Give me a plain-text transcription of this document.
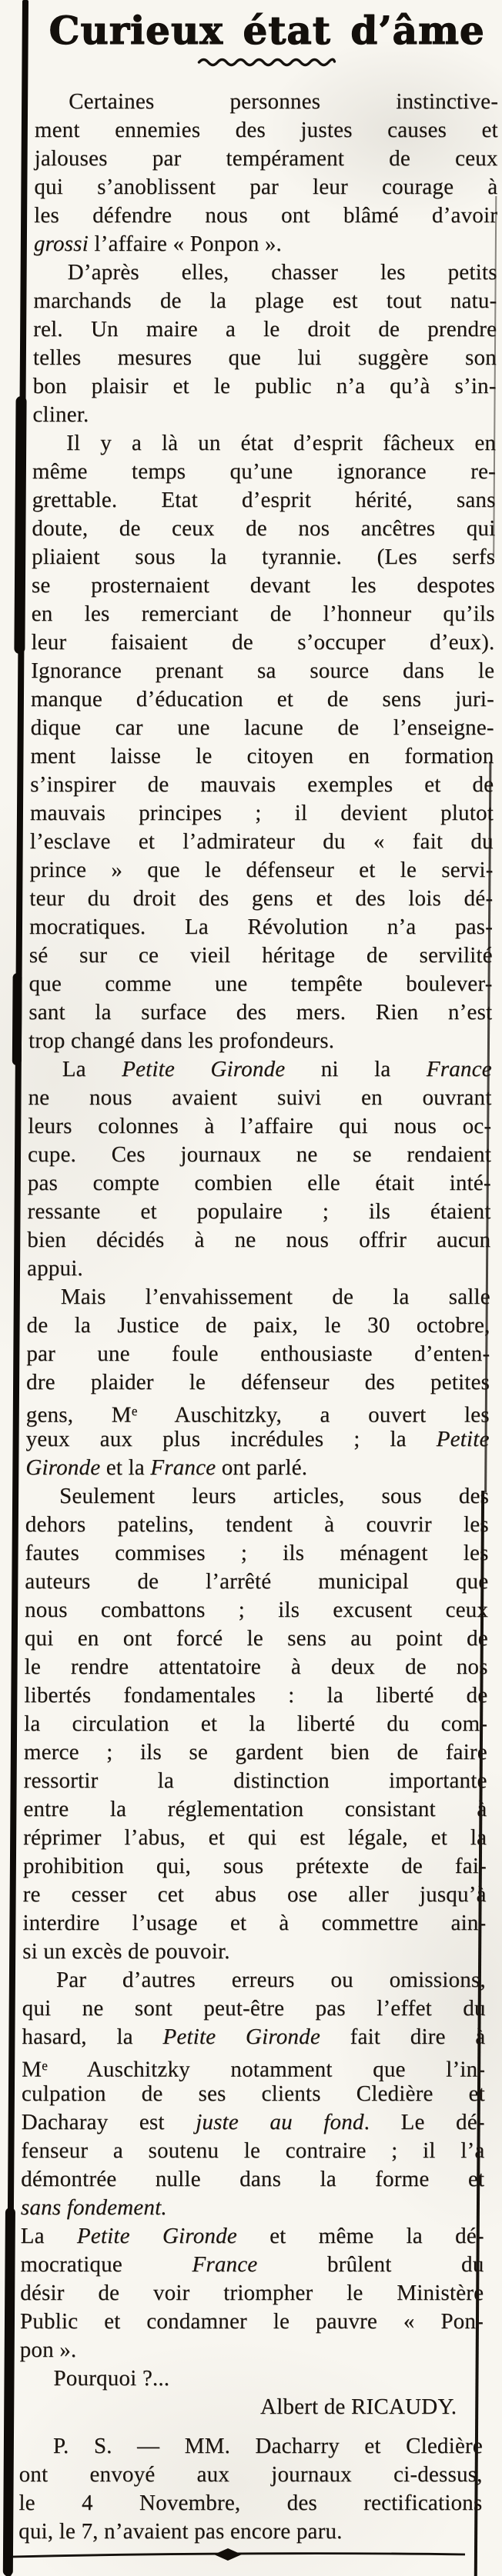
Curieux état d’âme
Certaines personnes instinctive-
ment ennemies des justes causes et
jalouses par tempérament de ceux
qui s’anoblissent par leur courage à
les défendre nous ont blâmé d’avoir
grossi l’affaire « Ponpon ».
D’après elles, chasser les petits
marchands de la plage est tout natu-
rel. Un maire a le droit de prendre
telles mesures que lui suggère son
bon plaisir et le public n’a qu’à s’in-
cliner.
Il y a là un état d’esprit fâcheux en
même temps qu’une ignorance re-
grettable. Etat d’esprit hérité, sans
doute, de ceux de nos ancêtres qui
pliaient sous la tyrannie. (Les serfs
se prosternaient devant les despotes
en les remerciant de l’honneur qu’ils
leur faisaient de s’occuper d’eux).
Ignorance prenant sa source dans le
manque d’éducation et de sens juri-
dique car une lacune de l’enseigne-
ment laisse le citoyen en formation
s’inspirer de mauvais exemples et de
mauvais principes ; il devient plutot
l’esclave et l’admirateur du « fait du
prince » que le défenseur et le servi-
teur du droit des gens et des lois dé-
mocratiques. La Révolution n’a pas-
sé sur ce vieil héritage de servilité
que comme une tempête boulever-
sant la surface des mers. Rien n’est
trop changé dans les profondeurs.
La Petite Gironde ni la France
ne nous avaient suivi en ouvrant
leurs colonnes à l’affaire qui nous oc-
cupe. Ces journaux ne se rendaient
pas compte combien elle était inté-
ressante et populaire ; ils étaient
bien décidés à ne nous offrir aucun
appui.
Mais l’envahissement de la salle
de la Justice de paix, le 30 octobre,
par une foule enthousiaste d’enten-
dre plaider le défenseur des petites
gens, Me Auschitzky, a ouvert les
yeux aux plus incrédules ; la Petite
Gironde et la France ont parlé.
Seulement leurs articles, sous des
dehors patelins, tendent à couvrir les
fautes commises ; ils ménagent les
auteurs de l’arrêté municipal que
nous combattons ; ils excusent ceux
qui en ont forcé le sens au point de
le rendre attentatoire à deux de nos
libertés fondamentales : la liberté de
la circulation et la liberté du com-
merce ; ils se gardent bien de faire
ressortir la distinction importante
entre la réglementation consistant à
réprimer l’abus, et qui est légale, et la
prohibition qui, sous prétexte de fai-
re cesser cet abus ose aller jusqu’à
interdire l’usage et à commettre ain-
si un excès de pouvoir.
Par d’autres erreurs ou omissions,
qui ne sont peut-être pas l’effet du
hasard, la Petite Gironde fait dire à
Me Auschitzky notamment que l’in-
culpation de ses clients Cledière et
Dacharay est juste au fond. Le dé-
fenseur a soutenu le contraire ; il l’a
démontrée nulle dans la forme et
sans fondement.
La Petite Gironde et même la dé-
mocratique France brûlent du
désir de voir triompher le Ministère
Public et condamner le pauvre « Pon-
pon ».
Pourquoi ?...
Albert de RICAUDY.
P. S. — MM. Dacharry et Cledière
ont envoyé aux journaux ci-dessus,
le 4 Novembre, des rectifications
qui, le 7, n’avaient pas encore paru.
